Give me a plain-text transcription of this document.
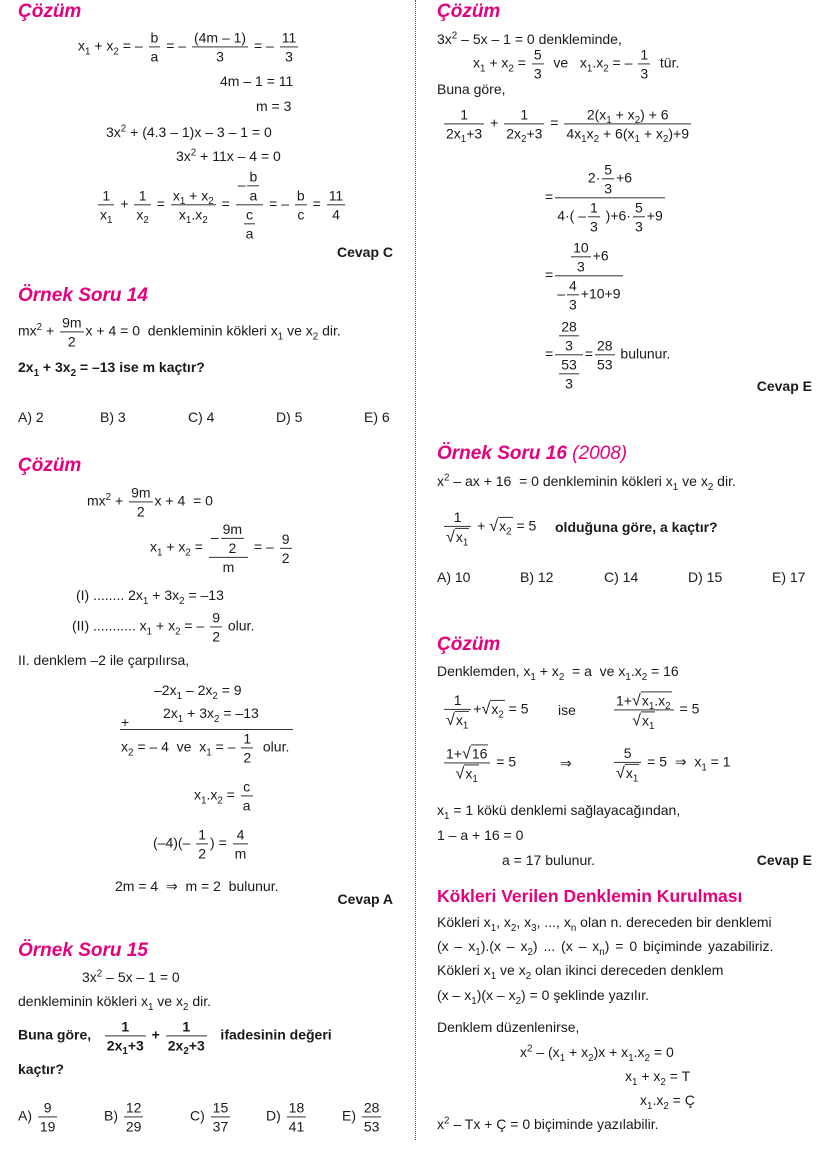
Çözüm
$x_1 + x_2$ = – $\frac{b}{a}$ = – $\frac{(4m - 1)}{3}$ = – $\frac{11}{3}$
4m – 1 = 11
m = 3
$3x^2 + (4.3 - 1)x - 3 - 1 = 0$
$3x^2 + 11x - 4 = 0$
$\frac{1}{x_1} + \frac{1}{x_2} = \frac{x_1 + x_2}{x_1.x_2} = \frac{- \frac{b}{a}}{\frac{c}{a}}$ = – $\frac{b}{c} = \frac{11}{4}$
Cevap C
Örnek Soru 14
$mx^2 + \frac{9m}{2}$ x + 4 = 0  denkleminin kökleri $x_1$ ve $x_2$ dir.
$2x_1 + 3x_2 = -13$ ise m kaçtır?
A) 2	B) 3	C) 4	D) 5	E) 6
Çözüm
$mx^2 + \frac{9m}{2}$ x + 4  = 0
$x_1 + x_2 = \frac{- \frac{9m}{2}}{m}$ = – $\frac{9}{2}$
(I) ........ $2x_1 + 3x_2 = -13$
(II) ........... $x_1 + x_2$ = – $\frac{9}{2}$ olur.
II. denklem –2 ile çarpılırsa,
$-2x_1 - 2x_2 = 9$
$2x_1 + 3x_2 = -13$
+
$x_2$ = – 4  ve  $x_1$ = – $\frac{1}{2}$ olur.
$x_1.x_2 = \frac{c}{a}$
$(-4)(- \frac{1}{2}$ ) = $\frac{4}{m}$
2m = 4  ⇒  m = 2  bulunur.
Cevap A
Örnek Soru 15
$3x^2 - 5x - 1 = 0$
denkleminin kökleri $x_1$ ve $x_2$ dir.
Buna göre, $\frac{1}{2x_1+3} + \frac{1}{2x_2+3}$ ifadesinin değeri
kaçtır?
$A) \frac{9}{19}$	$B) \frac{12}{29}$	$C) \frac{15}{37}$	$D) \frac{18}{41}$	$E) \frac{28}{53}$
Çözüm
$3x^2 - 5x - 1 = 0$ denkleminde,
$x_1 + x_2 = \frac{5}{3}$ ve   $x_1.x_2$ = – $\frac{1}{3}$ tür.
Buna göre,
$\frac{1}{2x_1+3} + \frac{1}{2x_2+3} = \frac{2(x_1 + x_2) + 6}{4x_1x_2 + 6(x_1 + x_2)+9}$
= $\frac{2\cdot \frac{5}{3} +6}{4\cdot( - \frac{1}{3} )+6\cdot \frac{5}{3} +9}$
= $\frac{\frac{10}{3} +6}{- \frac{4}{3} +10+9}$
= $\frac{\frac{28}{3}}{\frac{53}{3}} = \frac{28}{53}$ bulunur.
Cevap E
Örnek Soru 16 (2008)
$x^2$ – ax + 16  = 0 denkleminin kökleri $x_1$ ve $x_2$ dir.
$\frac{1}{√ x_1}$ + √ $x_2 = 5$ olduğuna göre, a kaçtır?
A) 10	B) 12	C) 14	D) 15	E) 17
Çözüm
Denklemden, $x_1 + x_2 = a$  ve $x_1.x_2 = 16$
$\frac{1}{√ x_1}$ + √ $x_2 = 5$ ise	$\frac{1+ √ x_1.x_2}{√ x_1} = 5$
$\frac{1+ √ 16}{√ x_1} = 5$	⇒	$\frac{5}{√ x_1} = 5$  ⇒  $x_1 = 1$
$x_1 = 1$ kökü denklemi sağlayacağından,
1 – a + 16 = 0
a = 17 bulunur.	Cevap E
Kökleri Verilen Denklemin Kurulması
Kökleri $x_1$, $x_2$, $x_3$, ..., $x_n$ olan n. dereceden bir denklemi
$(x - x_1).(x - x_2)$ ... $(x - x_n) = 0$ biçiminde yazabiliriz.
Kökleri $x_1$ ve $x_2$ olan ikinci dereceden denklem
$(x - x_1)(x - x_2) = 0$ şeklinde yazılır.
Denklem düzenlenirse,
$x^2 - (x_1 + x_2)x + x_1.x_2 = 0$
$x_1 + x_2 = T$
$x_1.x_2$ = Ç
$x^2$ – Tx + Ç = 0 biçiminde yazılabilir.
